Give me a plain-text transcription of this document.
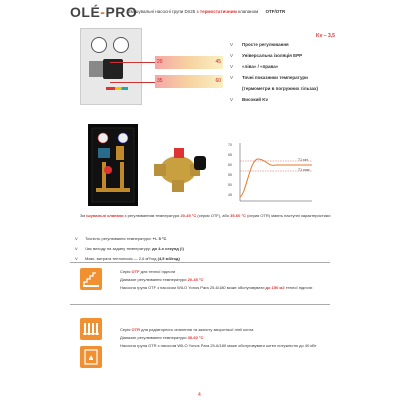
OLÉ-PRO
Змішувальні насосні групи Dn25 з термостатичним клапаном OTF/OTR
20	45
35	60
Kv – 3,5
V Просте регулювання
V Універсальна ізоляція EPP
V «ліва» / «права»
V Точні показники температури
(термометри в погружних гільзах)
V Високий Kv
70
65
60
55
50
45
T1 set
T1 max
Зм ішувальні клапани з регулюванням температури 20-45 °C (серия OTF), або 35-60 °C (серия OTR) мають наступні характеристики:
V Точність регулювання температури: +/- 5 °C
V Час виходу на задану температуру: до 4-х секунд (!)
V Макс. витрата теплоносія — 2,6 м³/год (4,5 м3/год)
Серія OTF для теплої підлоги
Діапазон регулювання температури 20-45 °C
Насосна група OTF з насосом WILO Yonos Para 25-6/180 може обслуговувати до 150 м2 теплої підлоги
Серія OTR для радіаторного опалення та захисту зворотньої лінії котла
Діапазон регулювання температури 35-60 °C
Насосна група OTR з насосом WILO Yonos Para 25-6/180 може обслуговувати котел потужністю до 40 кВт
4
